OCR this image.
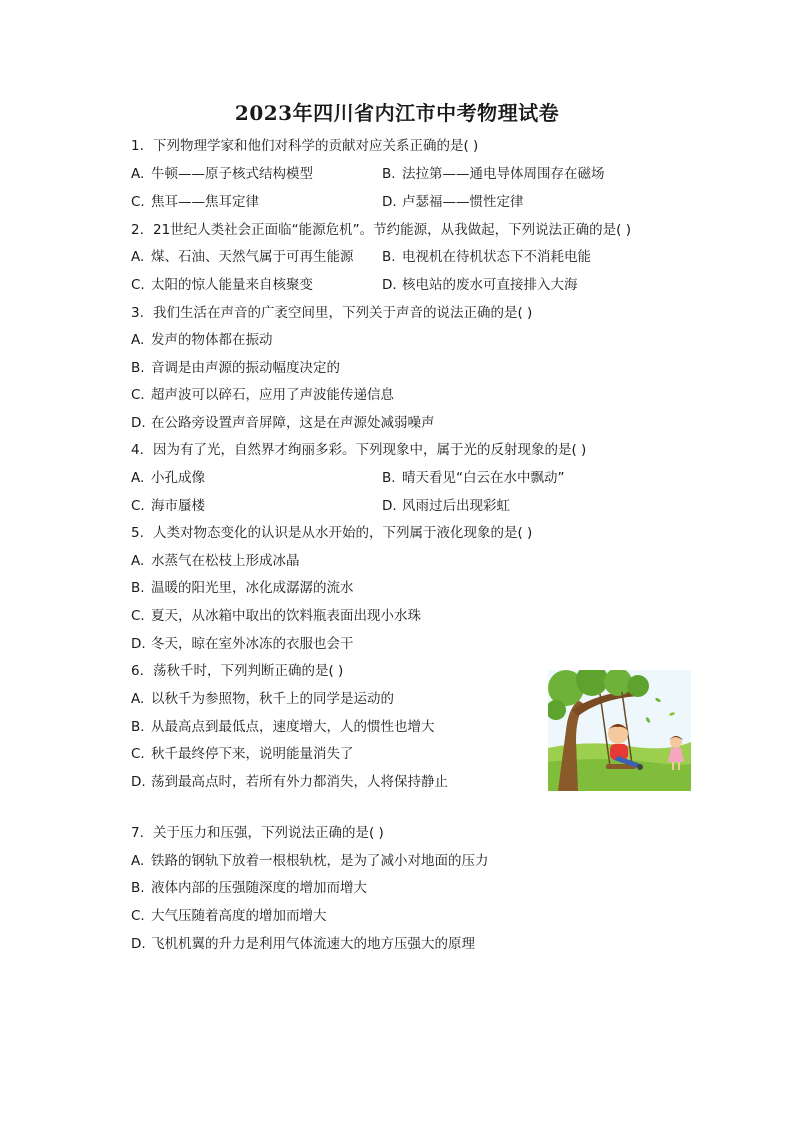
2023年四川省内江市中考物理试卷
1. 下列物理学家和他们对科学的贡献对应关系正确的是( )
A. 牛顿——原子核式结构模型	B. 法拉第——通电导体周围存在磁场
C. 焦耳——焦耳定律	D. 卢瑟福——惯性定律
2. 21世纪人类社会正面临“能源危机”。节约能源，从我做起，下列说法正确的是( )
A. 煤、石油、天然气属于可再生能源 B. 电视机在待机状态下不消耗电能
C. 太阳的惊人能量来自核聚变	D. 核电站的废水可直接排入大海
3. 我们生活在声音的广袤空间里，下列关于声音的说法正确的是( )
A. 发声的物体都在振动
B. 音调是由声源的振动幅度决定的
C. 超声波可以碎石，应用了声波能传递信息
D. 在公路旁设置声音屏障，这是在声源处减弱噪声
4. 因为有了光，自然界才绚丽多彩。下列现象中，属于光的反射现象的是( )
A. 小孔成像	B. 晴天看见“白云在水中飘动”
C. 海市蜃楼	D. 风雨过后出现彩虹
5. 人类对物态变化的认识是从水开始的，下列属于液化现象的是( )
A. 水蒸气在松枝上形成冰晶
B. 温暖的阳光里，冰化成潺潺的流水
C. 夏天，从冰箱中取出的饮料瓶表面出现小水珠
D. 冬天，晾在室外冰冻的衣服也会干
6. 荡秋千时，下列判断正确的是( )
A. 以秋千为参照物，秋千上的同学是运动的
B. 从最高点到最低点，速度增大，人的惯性也增大
C. 秋千最终停下来，说明能量消失了
D. 荡到最高点时，若所有外力都消失，人将保持静止
7. 关于压力和压强，下列说法正确的是( )
A. 铁路的钢轨下放着一根根轨枕，是为了减小对地面的压力
B. 液体内部的压强随深度的增加而增大
C. 大气压随着高度的增加而增大
D. 飞机机翼的升力是利用气体流速大的地方压强大的原理
